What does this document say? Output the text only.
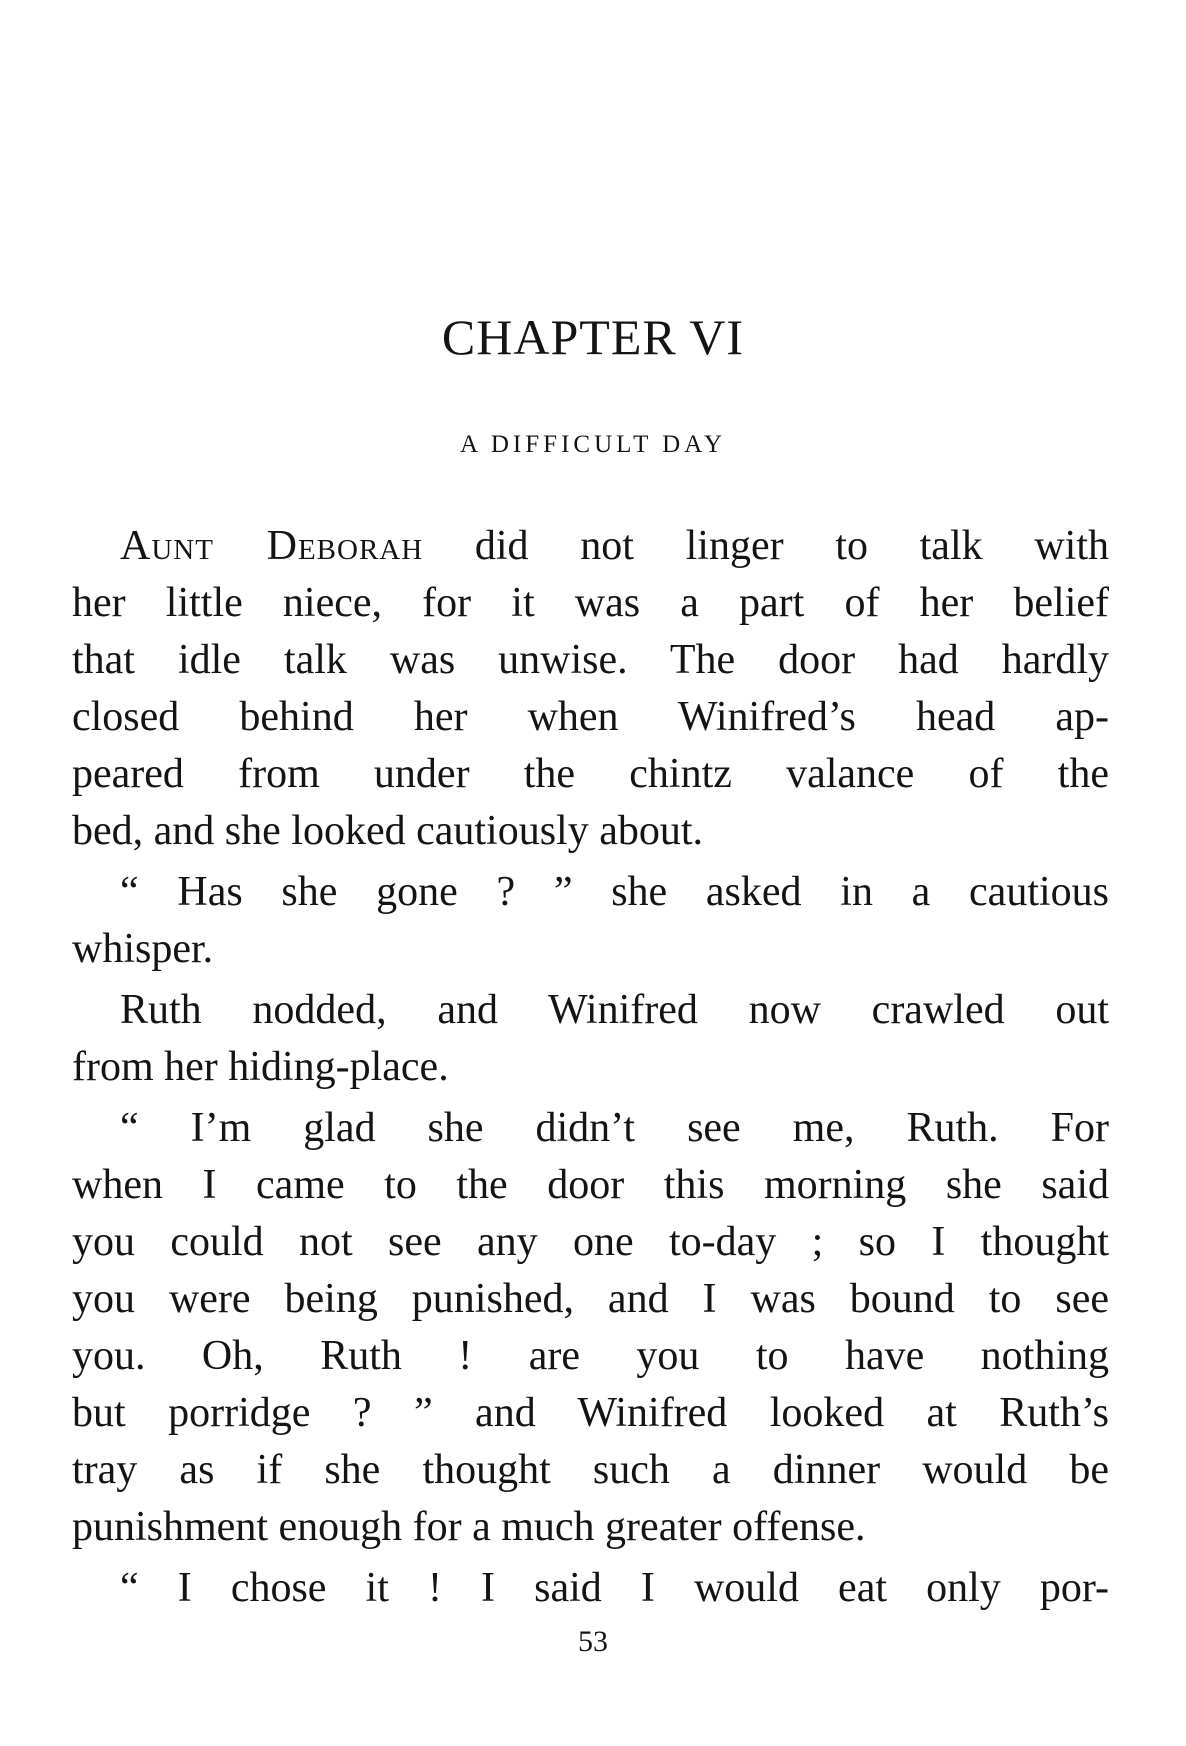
CHAPTER VI
A DIFFICULT DAY
Aunt Deborah did not linger to talk with
her little niece, for it was a part of her belief
that idle talk was unwise. The door had hardly
closed behind her when Winifred’s head ap-
peared from under the chintz valance of the
bed, and she looked cautiously about.
“ Has she gone ? ” she asked in a cautious
whisper.
Ruth nodded, and Winifred now crawled out
from her hiding-place.
“ I’m glad she didn’t see me, Ruth. For
when I came to the door this morning she said
you could not see any one to-day ; so I thought
you were being punished, and I was bound to see
you. Oh, Ruth ! are you to have nothing
but porridge ? ” and Winifred looked at Ruth’s
tray as if she thought such a dinner would be
punishment enough for a much greater offense.
“ I chose it ! I said I would eat only por-
53
